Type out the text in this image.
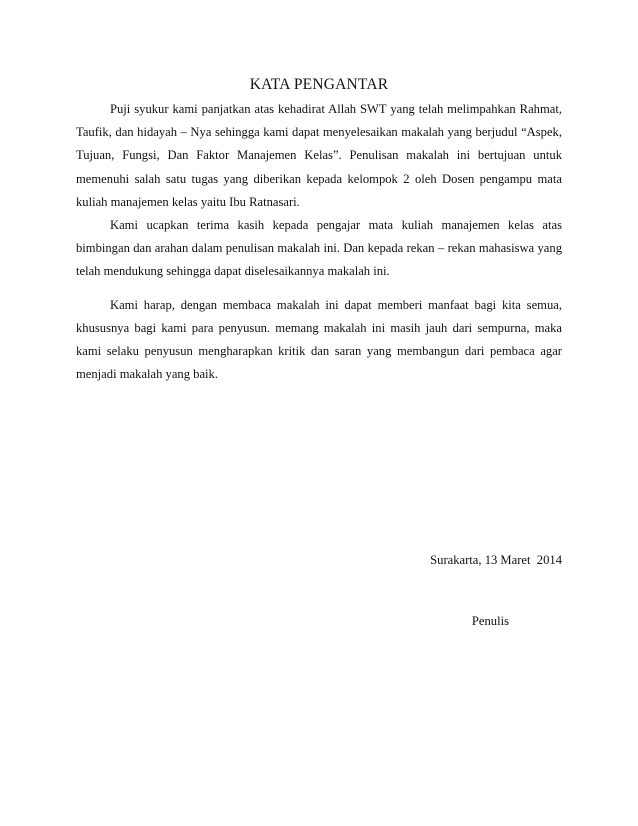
KATA PENGANTAR

Puji syukur kami panjatkan atas kehadirat Allah SWT yang telah melimpahkan Rahmat, Taufik, dan hidayah – Nya sehingga kami dapat menyelesaikan makalah yang berjudul “Aspek, Tujuan, Fungsi, Dan Faktor Manajemen Kelas”. Penulisan makalah ini bertujuan untuk memenuhi salah satu tugas yang diberikan kepada kelompok 2 oleh Dosen pengampu mata kuliah manajemen kelas yaitu Ibu Ratnasari.

Kami ucapkan terima kasih kepada pengajar mata kuliah manajemen kelas atas bimbingan dan arahan dalam penulisan makalah ini. Dan kepada rekan – rekan mahasiswa yang telah mendukung sehingga dapat diselesaikannya makalah ini.

Kami harap, dengan membaca makalah ini dapat memberi manfaat bagi kita semua, khususnya bagi kami para penyusun. memang makalah ini masih jauh dari sempurna, maka kami selaku penyusun mengharapkan kritik dan saran yang membangun dari pembaca agar menjadi makalah yang baik.

Surakarta, 13 Maret  2014
Penulis
